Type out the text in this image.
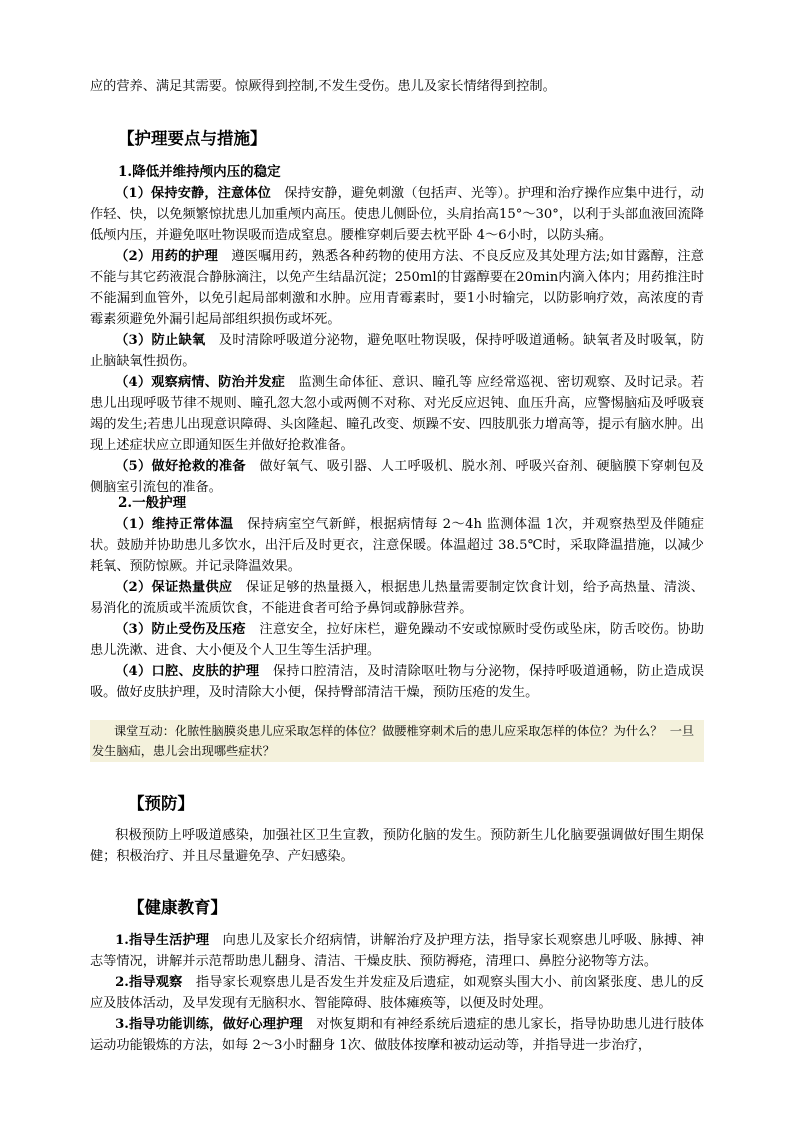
应的营养、满足其需要。惊厥得到控制,不发生受伤。患儿及家长情绪得到控制。

【护理要点与措施】

1.降低并维持颅内压的稳定

（1）保持安静，注意体位　保持安静，避免刺激（包括声、光等）。护理和治疗操作应集中进行，动作轻、快，以免频繁惊扰患儿加重颅内高压。使患儿侧卧位，头肩抬高15°～30°，以利于头部血液回流降低颅内压，并避免呕吐物误吸而造成窒息。腰椎穿刺后要去枕平卧 4～6小时，以防头痛。

（2）用药的护理　遵医嘱用药，熟悉各种药物的使用方法、不良反应及其处理方法;如甘露醇，注意不能与其它药液混合静脉滴注，以免产生结晶沉淀；250ml的甘露醇要在20min内滴入体内；用药推注时不能漏到血管外，以免引起局部刺激和水肿。应用青霉素时，要1小时输完，以防影响疗效，高浓度的青霉素须避免外漏引起局部组织损伤或坏死。

（3）防止缺氧　及时清除呼吸道分泌物，避免呕吐物误吸，保持呼吸道通畅。缺氧者及时吸氧，防止脑缺氧性损伤。

（4）观察病情、防治并发症　监测生命体征、意识、瞳孔等 应经常巡视、密切观察、及时记录。若患儿出现呼吸节律不规则、瞳孔忽大忽小或两侧不对称、对光反应迟钝、血压升高，应警惕脑疝及呼吸衰竭的发生;若患儿出现意识障碍、头囟隆起、瞳孔改变、烦躁不安、四肢肌张力增高等，提示有脑水肿。出现上述症状应立即通知医生并做好抢救准备。

（5）做好抢救的准备　做好氧气、吸引器、人工呼吸机、脱水剂、呼吸兴奋剂、硬脑膜下穿刺包及侧脑室引流包的准备。

2.一般护理

（1）维持正常体温　保持病室空气新鲜，根据病情每 2～4h 监测体温 1次，并观察热型及伴随症状。鼓励并协助患儿多饮水，出汗后及时更衣，注意保暖。体温超过 38.5℃时，采取降温措施，以减少耗氧、预防惊厥。并记录降温效果。

（2）保证热量供应　保证足够的热量摄入，根据患儿热量需要制定饮食计划，给予高热量、清淡、易消化的流质或半流质饮食，不能进食者可给予鼻饲或静脉营养。

（3）防止受伤及压疮　注意安全，拉好床栏，避免躁动不安或惊厥时受伤或坠床，防舌咬伤。协助患儿洗漱、进食、大小便及个人卫生等生活护理。

（4）口腔、皮肤的护理　保持口腔清洁，及时清除呕吐物与分泌物，保持呼吸道通畅，防止造成误吸。做好皮肤护理，及时清除大小便，保持臀部清洁干燥，预防压疮的发生。

课堂互动：化脓性脑膜炎患儿应采取怎样的体位？做腰椎穿刺术后的患儿应采取怎样的体位？为什么？ 一旦发生脑疝，患儿会出现哪些症状？

【预防】

积极预防上呼吸道感染，加强社区卫生宣教，预防化脑的发生。预防新生儿化脑要强调做好围生期保健；积极治疗、并且尽量避免孕、产妇感染。

【健康教育】

1.指导生活护理　向患儿及家长介绍病情，讲解治疗及护理方法，指导家长观察患儿呼吸、脉搏、神志等情况，讲解并示范帮助患儿翻身、清洁、干燥皮肤、预防褥疮，清理口、鼻腔分泌物等方法。

2.指导观察　指导家长观察患儿是否发生并发症及后遗症，如观察头围大小、前囟紧张度、患儿的反应及肢体活动，及早发现有无脑积水、智能障碍、肢体瘫痪等，以便及时处理。

3.指导功能训练，做好心理护理　对恢复期和有神经系统后遗症的患儿家长，指导协助患儿进行肢体运动功能锻炼的方法，如每 2～3小时翻身 1次、做肢体按摩和被动运动等，并指导进一步治疗，
